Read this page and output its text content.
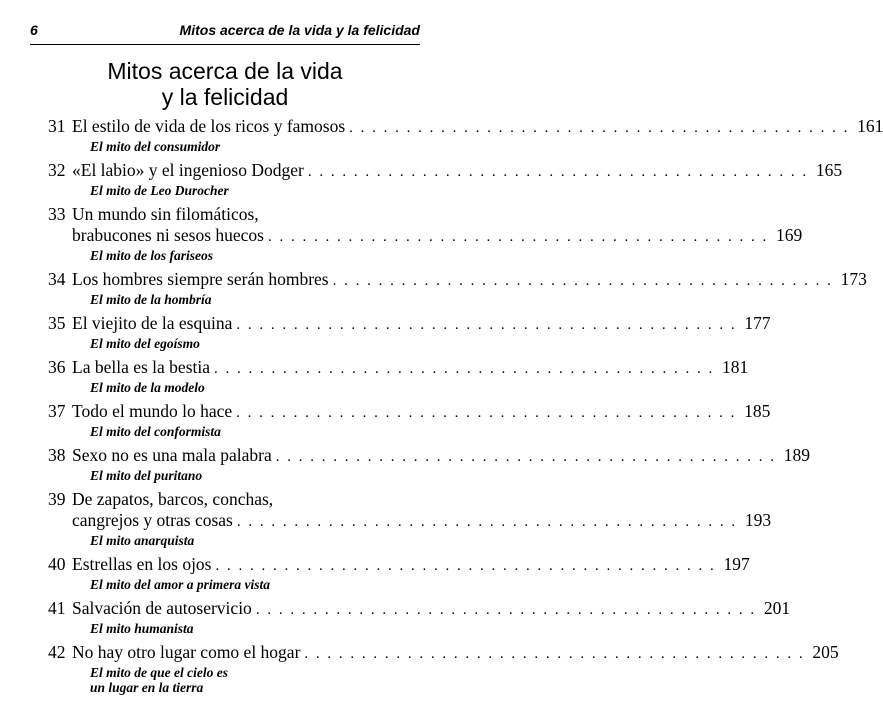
6	Mitos acerca de la vida y la felicidad
Mitos acerca de la vida
y la felicidad
31 El estilo de vida de los ricos y famosos . . . . . . . . . . . . . . . . . . . . . . . . . . . . . . . . . . . . . . . . . . . . 161
El mito del consumidor
32 «El labio» y el ingenioso Dodger . . . . . . . . . . . . . . . . . . . . . . . . . . . . . . . . . . . . . . . . . . . . 165
El mito de Leo Durocher
33 Un mundo sin filomáticos,
brabucones ni sesos huecos . . . . . . . . . . . . . . . . . . . . . . . . . . . . . . . . . . . . . . . . . . . . 169
El mito de los fariseos
34 Los hombres siempre serán hombres . . . . . . . . . . . . . . . . . . . . . . . . . . . . . . . . . . . . . . . . . . . . 173
El mito de la hombría
35 El viejito de la esquina . . . . . . . . . . . . . . . . . . . . . . . . . . . . . . . . . . . . . . . . . . . . 177
El mito del egoísmo
36 La bella es la bestia . . . . . . . . . . . . . . . . . . . . . . . . . . . . . . . . . . . . . . . . . . . . 181
El mito de la modelo
37 Todo el mundo lo hace . . . . . . . . . . . . . . . . . . . . . . . . . . . . . . . . . . . . . . . . . . . . 185
El mito del conformista
38 Sexo no es una mala palabra . . . . . . . . . . . . . . . . . . . . . . . . . . . . . . . . . . . . . . . . . . . . 189
El mito del puritano
39 De zapatos, barcos, conchas,
cangrejos y otras cosas . . . . . . . . . . . . . . . . . . . . . . . . . . . . . . . . . . . . . . . . . . . . 193
El mito anarquista
40 Estrellas en los ojos . . . . . . . . . . . . . . . . . . . . . . . . . . . . . . . . . . . . . . . . . . . . 197
El mito del amor a primera vista
41 Salvación de autoservicio . . . . . . . . . . . . . . . . . . . . . . . . . . . . . . . . . . . . . . . . . . . . 201
El mito humanista
42 No hay otro lugar como el hogar . . . . . . . . . . . . . . . . . . . . . . . . . . . . . . . . . . . . . . . . . . . . 205
El mito de que el cielo es
un lugar en la tierra
